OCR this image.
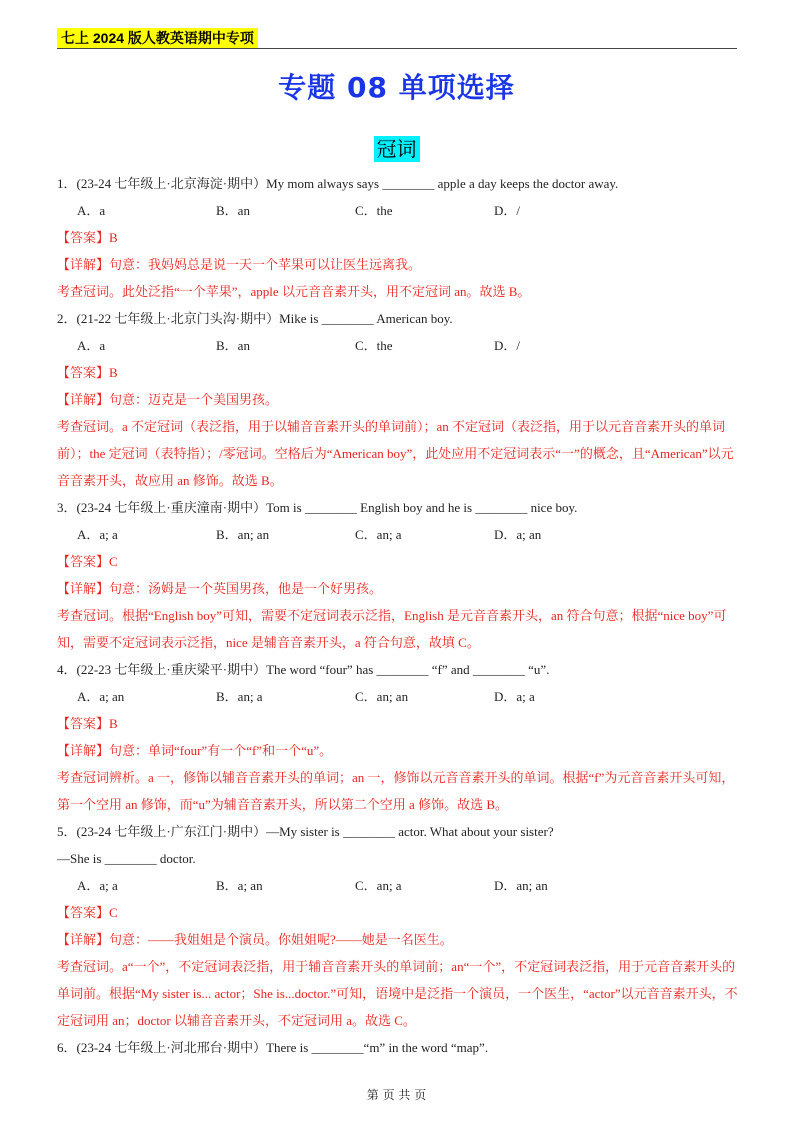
七上 2024 版人教英语期中专项
专题 08 单项选择
冠词
1．(23-24 七年级上·北京海淀·期中）My mom always says ________ apple a day keeps the doctor away.
A．a	B．an	C．the	D．/
【答案】B
【详解】句意：我妈妈总是说一天一个苹果可以让医生远离我。
考查冠词。此处泛指“一个苹果”，apple 以元音音素开头，用不定冠词 an。故选 B。
2．(21-22 七年级上·北京门头沟·期中）Mike is ________ American boy.
A．a	B．an	C．the	D．/
【答案】B
【详解】句意：迈克是一个美国男孩。
考查冠词。a 不定冠词（表泛指，用于以辅音音素开头的单词前）；an 不定冠词（表泛指，用于以元音音素开头的单词前）；the 定冠词（表特指）；/零冠词。空格后为“American boy”，此处应用不定冠词表示“一”的概念，且“American”以元音音素开头，故应用 an 修饰。故选 B。
3．(23-24 七年级上·重庆潼南·期中）Tom is ________ English boy and he is ________ nice boy.
A．a; a	B．an; an	C．an; a	D．a; an
【答案】C
【详解】句意：汤姆是一个英国男孩，他是一个好男孩。
考查冠词。根据“English boy”可知，需要不定冠词表示泛指，English 是元音音素开头，an 符合句意；根据“nice boy”可知，需要不定冠词表示泛指，nice 是辅音音素开头，a 符合句意，故填 C。
4．(22-23 七年级上·重庆梁平·期中）The word “four” has ________ “f” and ________ “u”.
A．a; an	B．an; a	C．an; an	D．a; a
【答案】B
【详解】句意：单词“four”有一个“f”和一个“u”。
考查冠词辨析。a 一，修饰以辅音音素开头的单词；an 一，修饰以元音音素开头的单词。根据“f”为元音音素开头可知，第一个空用 an 修饰，而“u”为辅音音素开头，所以第二个空用 a 修饰。故选 B。
5．(23-24 七年级上·广东江门·期中）—My sister is ________ actor. What about your sister?
—She is ________ doctor.
A．a; a	B．a; an	C．an; a	D．an; an
【答案】C
【详解】句意：——我姐姐是个演员。你姐姐呢?——她是一名医生。
考查冠词。a“一个”，不定冠词表泛指，用于辅音音素开头的单词前；an“一个”，不定冠词表泛指，用于元音音素开头的单词前。根据“My sister is... actor；She is...doctor.”可知，语境中是泛指一个演员，一个医生，“actor”以元音音素开头，不定冠词用 an；doctor 以辅音音素开头，不定冠词用 a。故选 C。
6．(23-24 七年级上·河北邢台·期中）There is ________“m” in the word “map”.
第 页 共 页
